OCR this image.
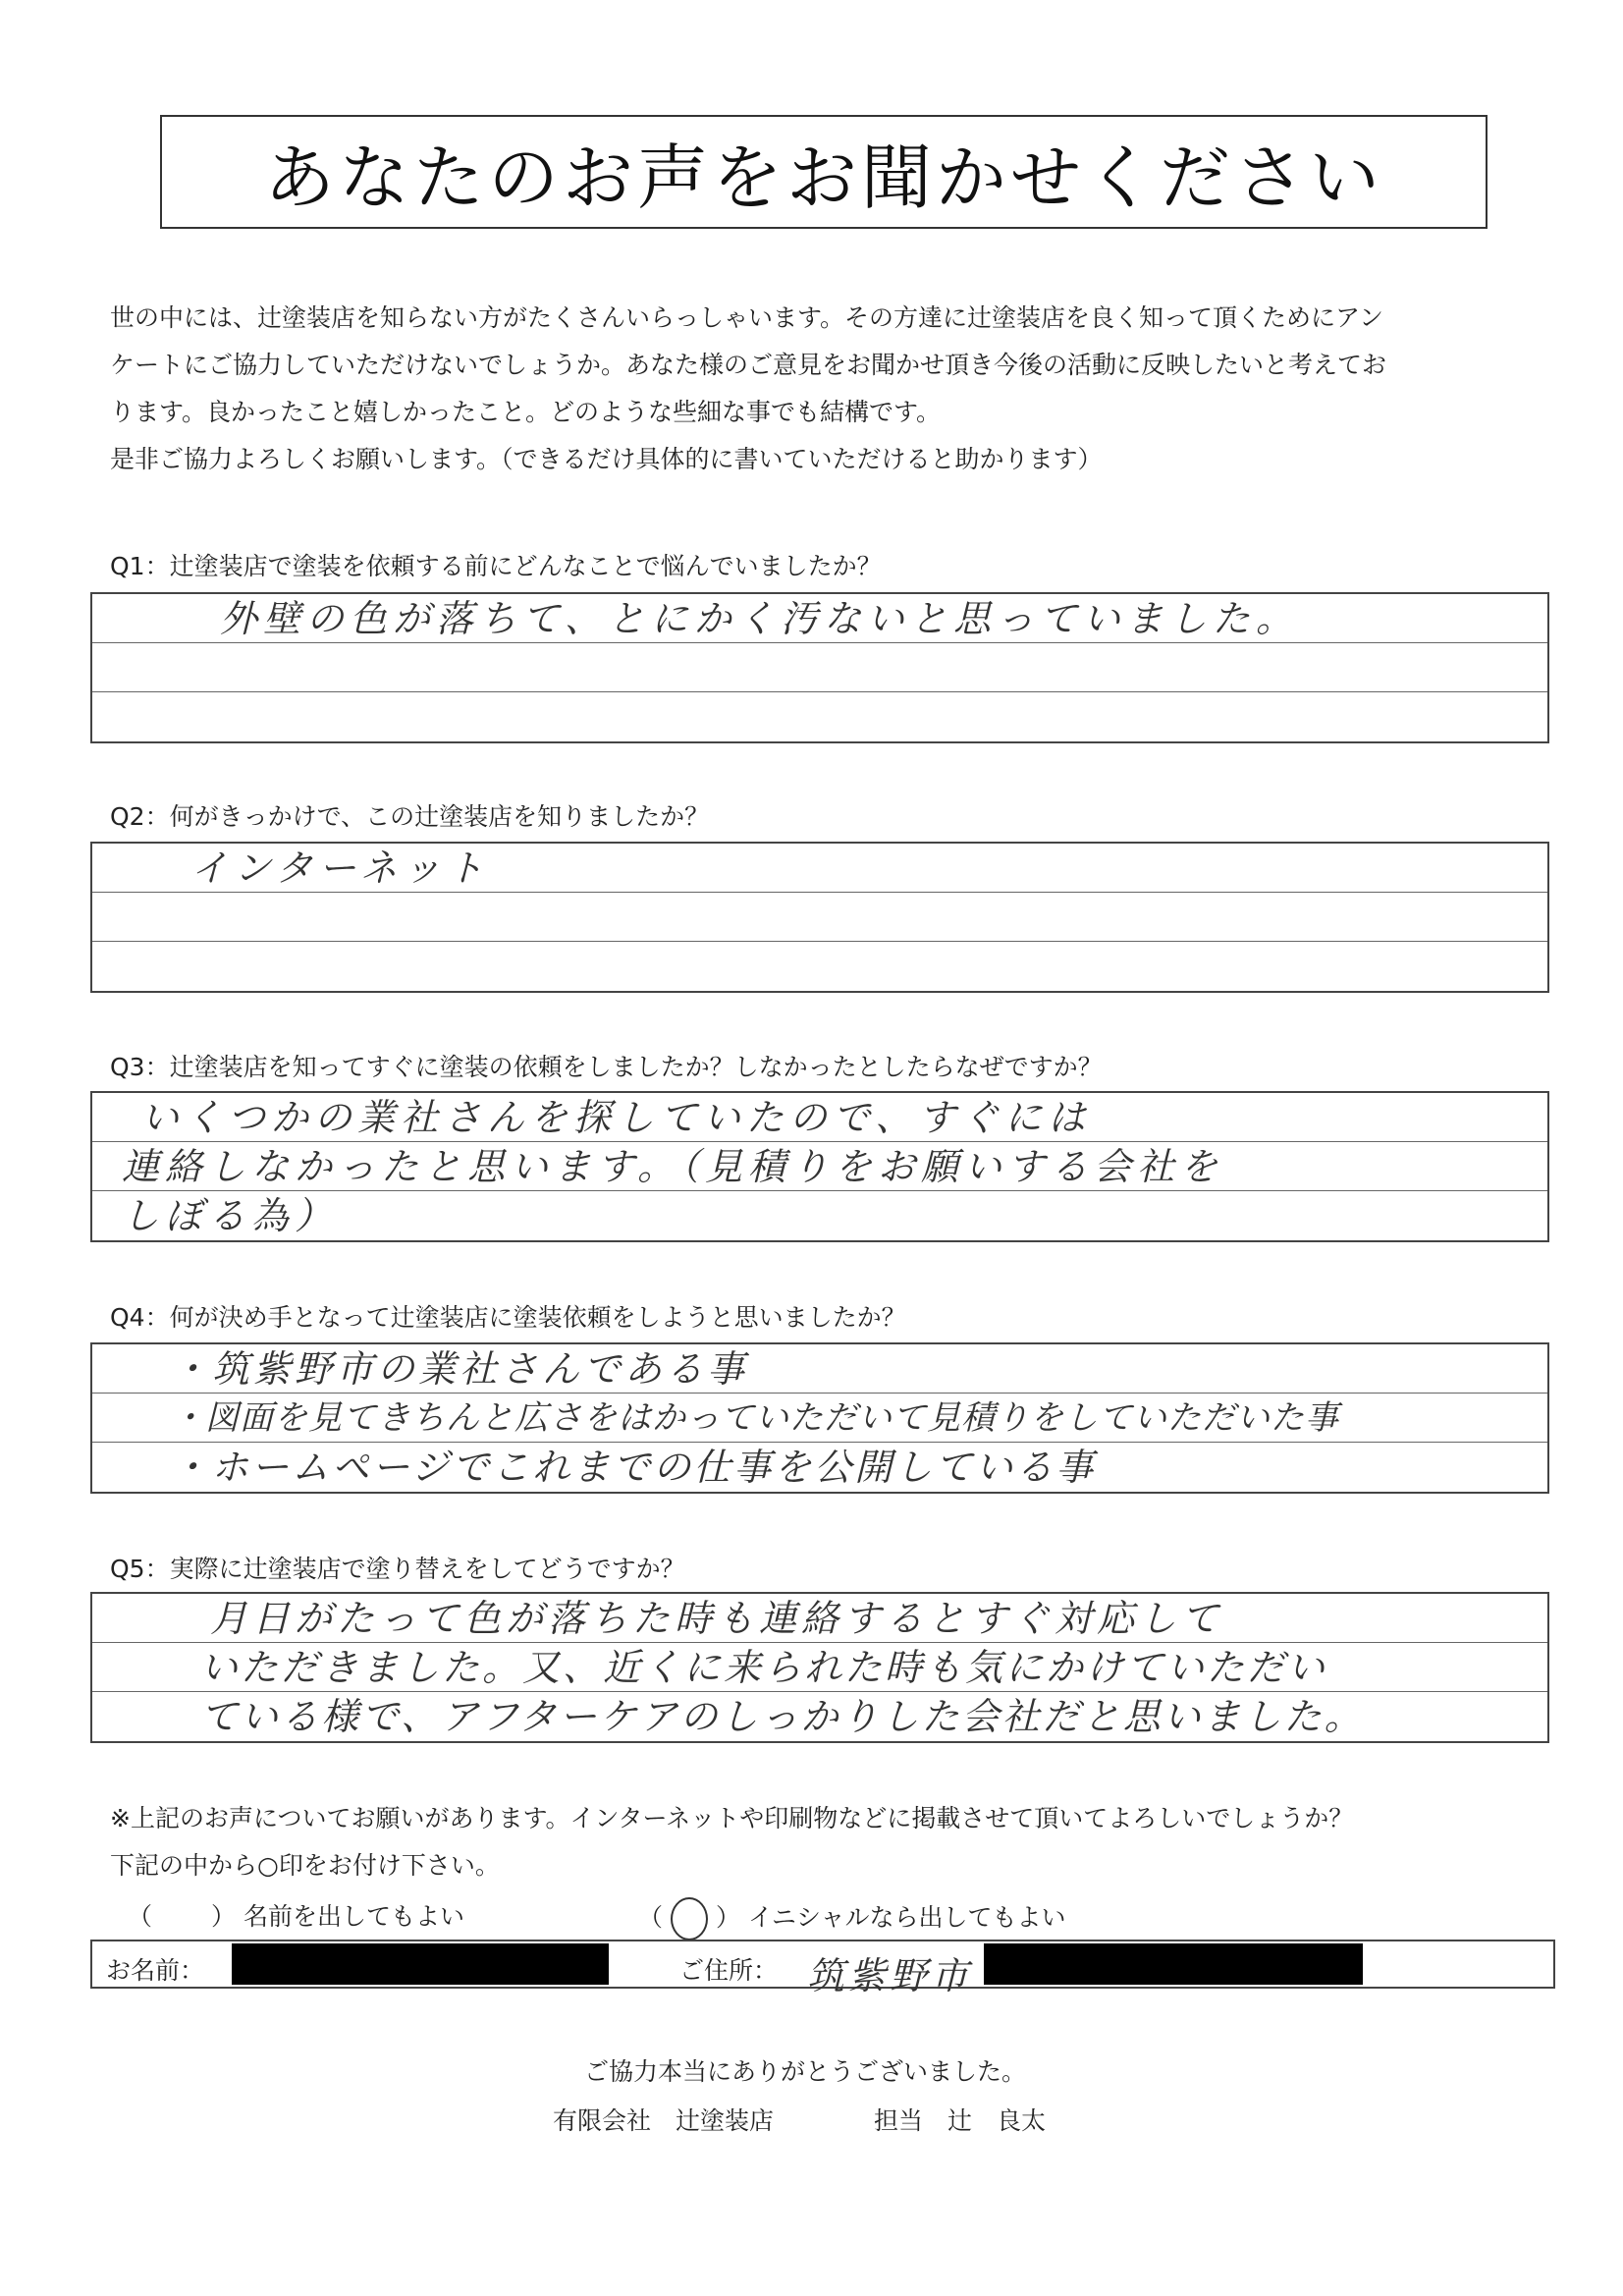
あなたのお声をお聞かせください
世の中には、辻塗装店を知らない方がたくさんいらっしゃいます。その方達に辻塗装店を良く知って頂くためにアン
ケートにご協力していただけないでしょうか。あなた様のご意見をお聞かせ頂き今後の活動に反映したいと考えてお
ります。良かったこと嬉しかったこと。どのような些細な事でも結構です。
是非ご協力よろしくお願いします。（できるだけ具体的に書いていただけると助かります）
Q1：辻塗装店で塗装を依頼する前にどんなことで悩んでいましたか？
外壁の色が落ちて、とにかく汚ないと思っていました。
Q2：何がきっかけで、この辻塗装店を知りましたか？
インターネット
Q3：辻塗装店を知ってすぐに塗装の依頼をしましたか？しなかったとしたらなぜですか？
いくつかの業社さんを探していたので、すぐには
連絡しなかったと思います。（見積りをお願いする会社を
しぼる為）
Q4：何が決め手となって辻塗装店に塗装依頼をしようと思いましたか？
・筑紫野市の業社さんである事
・図面を見てきちんと広さをはかっていただいて見積りをしていただいた事
・ホームページでこれまでの仕事を公開している事
Q5：実際に辻塗装店で塗り替えをしてどうですか？
月日がたって色が落ちた時も連絡するとすぐ対応して
いただきました。又、近くに来られた時も気にかけていただい
ている様で、アフターケアのしっかりした会社だと思いました。
※上記のお声についてお願いがあります。インターネットや印刷物などに掲載させて頂いてよろしいでしょうか？
下記の中から○印をお付け下さい。
（ ） 名前を出してもよい	（ ○ ） イニシャルなら出してもよい
お名前：	ご住所： 筑紫野市
ご協力本当にありがとうございました。
有限会社　辻塗装店	担当　辻　良太
